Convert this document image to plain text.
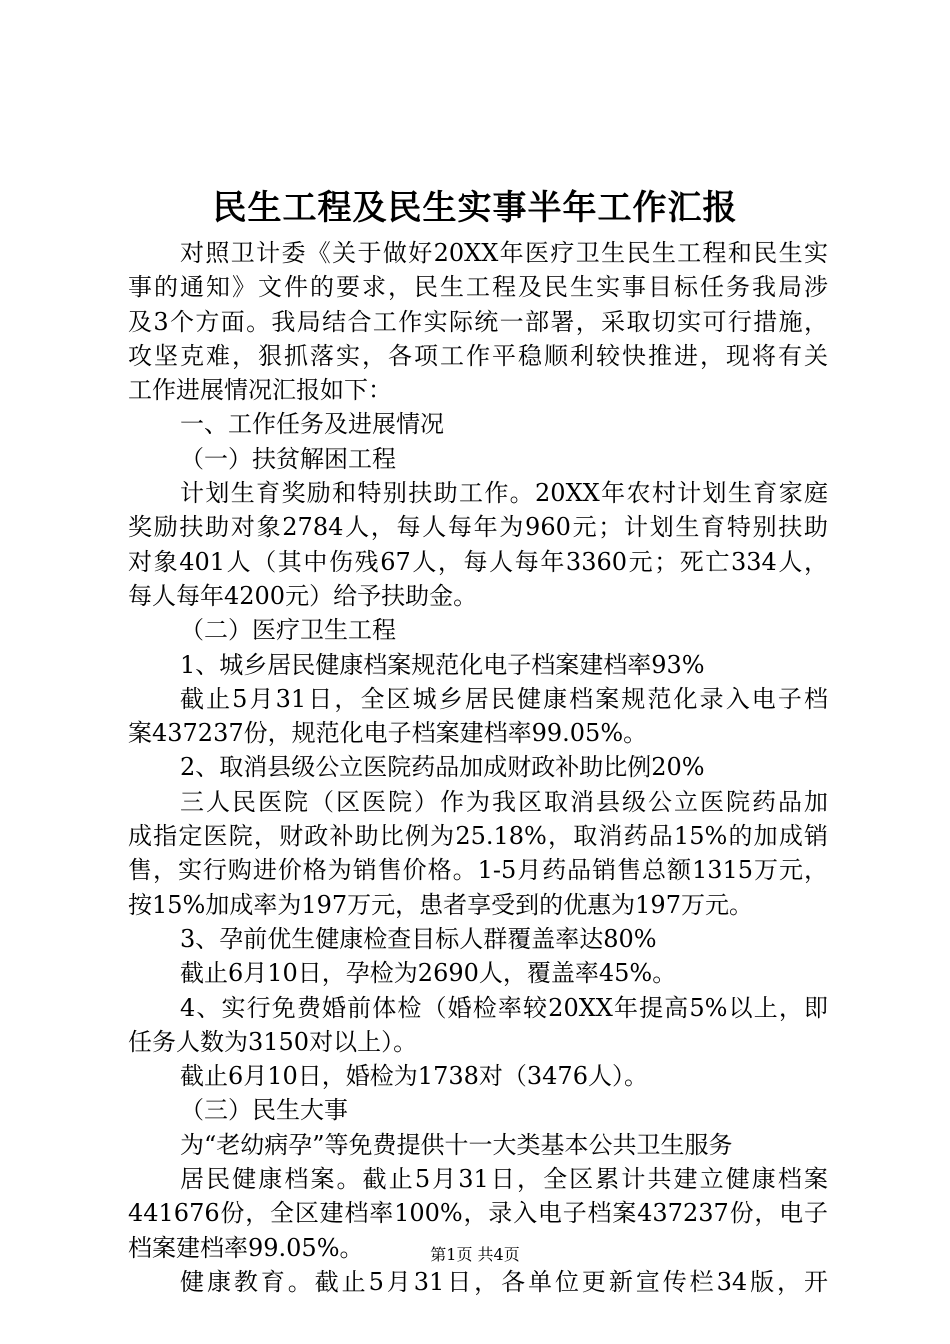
民生工程及民生实事半年工作汇报
对照卫计委《关于做好20XX年医疗卫生民生工程和民生实
事的通知》文件的要求，民生工程及民生实事目标任务我局涉
及3个方面。我局结合工作实际统一部署，采取切实可行措施，
攻坚克难，狠抓落实，各项工作平稳顺利较快推进，现将有关
工作进展情况汇报如下：
一、工作任务及进展情况
（一）扶贫解困工程
计划生育奖励和特别扶助工作。20XX年农村计划生育家庭
奖励扶助对象2784人，每人每年为960元；计划生育特别扶助
对象401人（其中伤残67人，每人每年3360元；死亡334人，
每人每年4200元）给予扶助金。
（二）医疗卫生工程
1、城乡居民健康档案规范化电子档案建档率93%
截止5月31日，全区城乡居民健康档案规范化录入电子档
案437237份，规范化电子档案建档率99.05%。
2、取消县级公立医院药品加成财政补助比例20%
三人民医院（区医院）作为我区取消县级公立医院药品加
成指定医院，财政补助比例为25.18%，取消药品15%的加成销
售，实行购进价格为销售价格。1-5月药品销售总额1315万元，
按15%加成率为197万元，患者享受到的优惠为197万元。
3、孕前优生健康检查目标人群覆盖率达80%
截止6月10日，孕检为2690人，覆盖率45%。
4、实行免费婚前体检（婚检率较20XX年提高5%以上，即
任务人数为3150对以上）。
截止6月10日，婚检为1738对（3476人）。
（三）民生大事
为“老幼病孕”等免费提供十一大类基本公共卫生服务
居民健康档案。截止5月31日，全区累计共建立健康档案
441676份，全区建档率100%，录入电子档案437237份，电子
档案建档率99.05%。
健康教育。截止5月31日，各单位更新宣传栏34版，开
第1页 共4页
